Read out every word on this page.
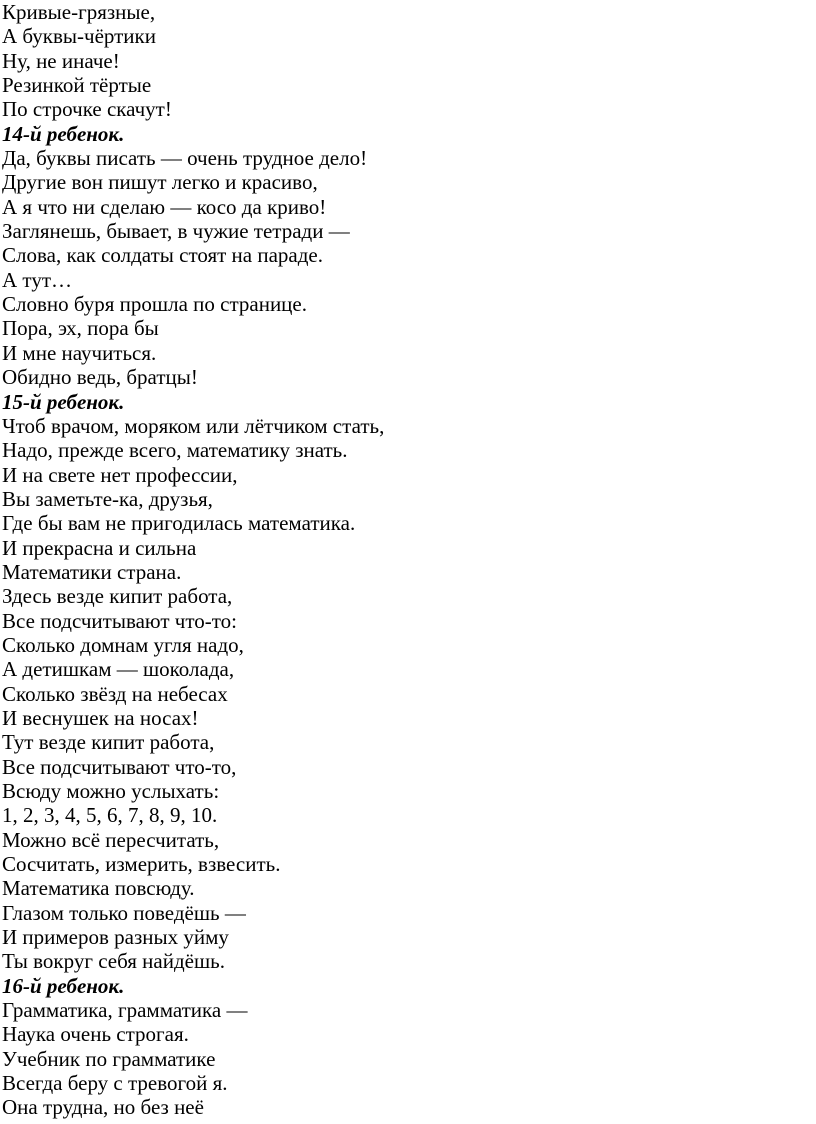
Кривые-грязные,

А буквы-чёртики

Ну, не иначе!

Резинкой тёртые

По строчке скачут!

14-й ребенок.

Да, буквы писать — очень трудное дело!

Другие вон пишут легко и красиво,

А я что ни сделаю — косо да криво!

Заглянешь, бывает, в чужие тетради —

Слова, как солдаты стоят на параде.

А тут…

Словно буря прошла по странице.

Пора, эх, пора бы

И мне научиться.

Обидно ведь, братцы!

15-й ребенок.

Чтоб врачом, моряком или лётчиком стать,

Надо, прежде всего, математику знать.

И на свете нет профессии,

Вы заметьте-ка, друзья,

Где бы вам не пригодилась математика.

И прекрасна и сильна

Математики страна.

Здесь везде кипит работа,

Все подсчитывают что-то:

Сколько домнам угля надо,

А детишкам — шоколада,

Сколько звёзд на небесах

И веснушек на носах!

Тут везде кипит работа,

Все подсчитывают что-то,

Всюду можно услыхать:

1, 2, 3, 4, 5, 6, 7, 8, 9, 10.

Можно всё пересчитать,

Сосчитать, измерить, взвесить.

Математика повсюду.

Глазом только поведёшь —

И примеров разных уйму

Ты вокруг себя найдёшь.

16-й ребенок.

Грамматика, грамматика —

Наука очень строгая.

Учебник по грамматике

Всегда беру с тревогой я.

Она трудна, но без неё
